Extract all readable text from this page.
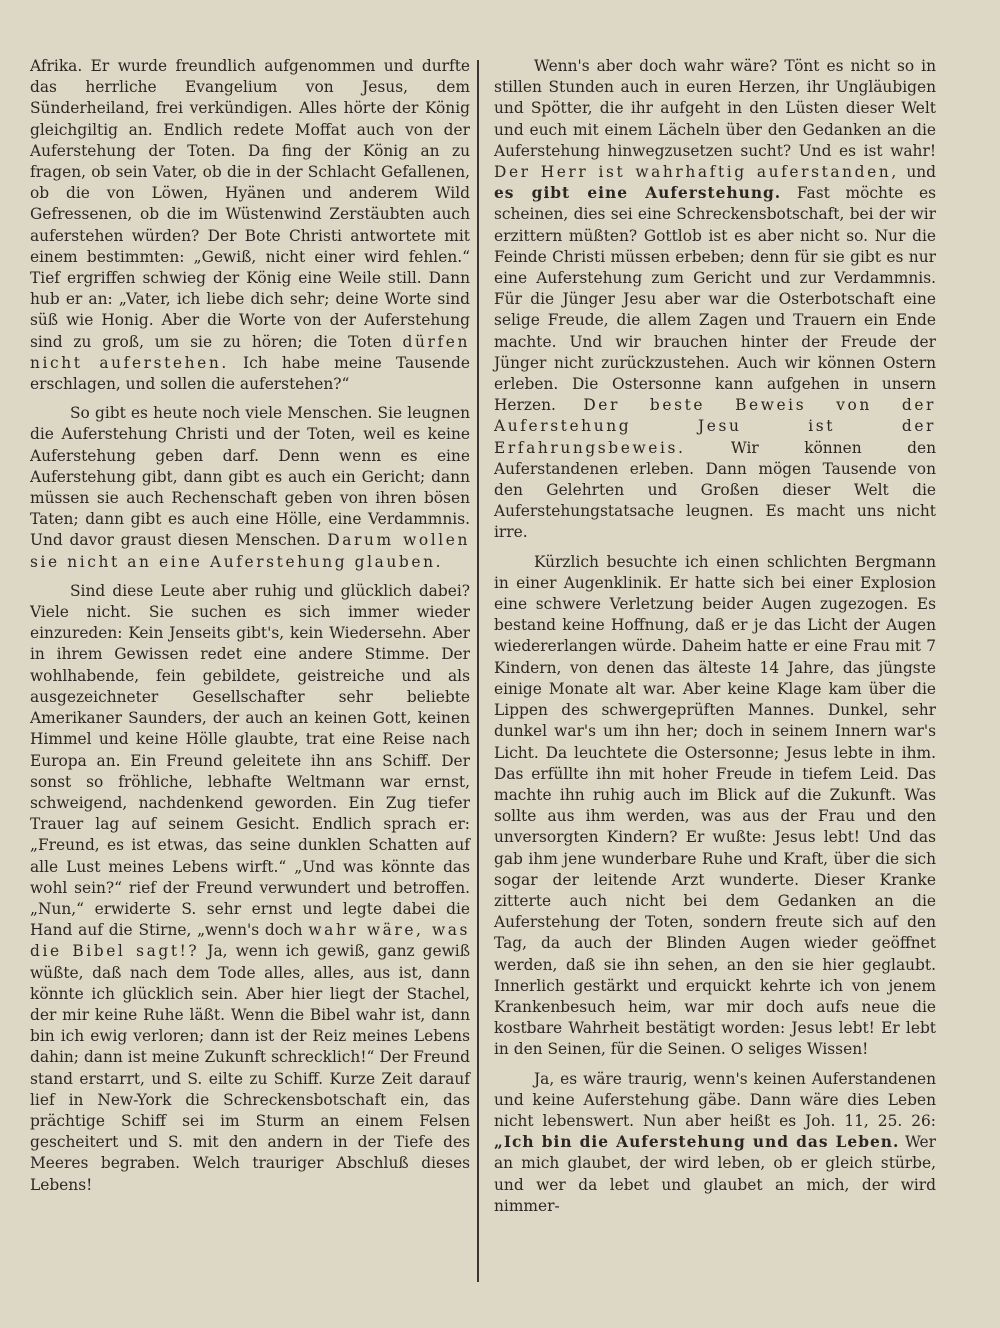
Afrika. Er wurde freundlich aufgenommen und durfte das herrliche Evangelium von Jesus, dem Sünderheiland, frei verkündigen. Alles hörte der König gleichgiltig an. Endlich redete Moffat auch von der Auferstehung der Toten. Da fing der König an zu fragen, ob sein Vater, ob die in der Schlacht Gefallenen, ob die von Löwen, Hyänen und anderem Wild Gefressenen, ob die im Wüstenwind Zerstäubten auch auferstehen würden? Der Bote Christi antwortete mit einem bestimmten: „Gewiß, nicht einer wird fehlen.“ Tief ergriffen schwieg der König eine Weile still. Dann hub er an: „Vater, ich liebe dich sehr; deine Worte sind süß wie Honig. Aber die Worte von der Auferstehung sind zu groß, um sie zu hören; die Toten dürfen nicht auferstehen. Ich habe meine Tausende erschlagen, und sollen die auferstehen?“

So gibt es heute noch viele Menschen. Sie leugnen die Auferstehung Christi und der Toten, weil es keine Auferstehung geben darf. Denn wenn es eine Auferstehung gibt, dann gibt es auch ein Gericht; dann müssen sie auch Rechenschaft geben von ihren bösen Taten; dann gibt es auch eine Hölle, eine Verdammnis. Und davor graust diesen Menschen. Darum wollen sie nicht an eine Auferstehung glauben.

Sind diese Leute aber ruhig und glücklich dabei? Viele nicht. Sie suchen es sich immer wieder einzureden: Kein Jenseits gibt's, kein Wiedersehn. Aber in ihrem Gewissen redet eine andere Stimme. Der wohlhabende, fein gebildete, geistreiche und als ausgezeichneter Gesellschafter sehr beliebte Amerikaner Saunders, der auch an keinen Gott, keinen Himmel und keine Hölle glaubte, trat eine Reise nach Europa an. Ein Freund geleitete ihn ans Schiff. Der sonst so fröhliche, lebhafte Weltmann war ernst, schweigend, nachdenkend geworden. Ein Zug tiefer Trauer lag auf seinem Gesicht. Endlich sprach er: „Freund, es ist etwas, das seine dunklen Schatten auf alle Lust meines Lebens wirft.“ „Und was könnte das wohl sein?“ rief der Freund verwundert und betroffen. „Nun,“ erwiderte S. sehr ernst und legte dabei die Hand auf die Stirne, „wenn's doch wahr wäre, was die Bibel sagt!? Ja, wenn ich gewiß, ganz gewiß wüßte, daß nach dem Tode alles, alles, aus ist, dann könnte ich glücklich sein. Aber hier liegt der Stachel, der mir keine Ruhe läßt. Wenn die Bibel wahr ist, dann bin ich ewig verloren; dann ist der Reiz meines Lebens dahin; dann ist meine Zukunft schrecklich!“ Der Freund stand erstarrt, und S. eilte zu Schiff. Kurze Zeit darauf lief in New-York die Schreckensbotschaft ein, das prächtige Schiff sei im Sturm an einem Felsen gescheitert und S. mit den andern in der Tiefe des Meeres begraben. Welch trauriger Abschluß dieses Lebens!

Wenn's aber doch wahr wäre? Tönt es nicht so in stillen Stunden auch in euren Herzen, ihr Ungläubigen und Spötter, die ihr aufgeht in den Lüsten dieser Welt und euch mit einem Lächeln über den Gedanken an die Auferstehung hinwegzusetzen sucht? Und es ist wahr! Der Herr ist wahrhaftig auferstanden, und es gibt eine Auferstehung. Fast möchte es scheinen, dies sei eine Schreckensbotschaft, bei der wir erzittern müßten? Gottlob ist es aber nicht so. Nur die Feinde Christi müssen erbeben; denn für sie gibt es nur eine Auferstehung zum Gericht und zur Verdammnis. Für die Jünger Jesu aber war die Osterbotschaft eine selige Freude, die allem Zagen und Trauern ein Ende machte. Und wir brauchen hinter der Freude der Jünger nicht zurückzustehen. Auch wir können Ostern erleben. Die Ostersonne kann aufgehen in unsern Herzen. Der beste Beweis von der Auferstehung Jesu ist der Erfahrungsbeweis. Wir können den Auferstandenen erleben. Dann mögen Tausende von den Gelehrten und Großen dieser Welt die Auferstehungstatsache leugnen. Es macht uns nicht irre.

Kürzlich besuchte ich einen schlichten Bergmann in einer Augenklinik. Er hatte sich bei einer Explosion eine schwere Verletzung beider Augen zugezogen. Es bestand keine Hoffnung, daß er je das Licht der Augen wiedererlangen würde. Daheim hatte er eine Frau mit 7 Kindern, von denen das älteste 14 Jahre, das jüngste einige Monate alt war. Aber keine Klage kam über die Lippen des schwergeprüften Mannes. Dunkel, sehr dunkel war's um ihn her; doch in seinem Innern war's Licht. Da leuchtete die Ostersonne; Jesus lebte in ihm. Das erfüllte ihn mit hoher Freude in tiefem Leid. Das machte ihn ruhig auch im Blick auf die Zukunft. Was sollte aus ihm werden, was aus der Frau und den unversorgten Kindern? Er wußte: Jesus lebt! Und das gab ihm jene wunderbare Ruhe und Kraft, über die sich sogar der leitende Arzt wunderte. Dieser Kranke zitterte auch nicht bei dem Gedanken an die Auferstehung der Toten, sondern freute sich auf den Tag, da auch der Blinden Augen wieder geöffnet werden, daß sie ihn sehen, an den sie hier geglaubt. Innerlich gestärkt und erquickt kehrte ich von jenem Krankenbesuch heim, war mir doch aufs neue die kostbare Wahrheit bestätigt worden: Jesus lebt! Er lebt in den Seinen, für die Seinen. O seliges Wissen!

Ja, es wäre traurig, wenn's keinen Auferstandenen und keine Auferstehung gäbe. Dann wäre dies Leben nicht lebenswert. Nun aber heißt es Joh. 11, 25. 26: „Ich bin die Auferstehung und das Leben. Wer an mich glaubet, der wird leben, ob er gleich stürbe, und wer da lebet und glaubet an mich, der wird nimmer-
